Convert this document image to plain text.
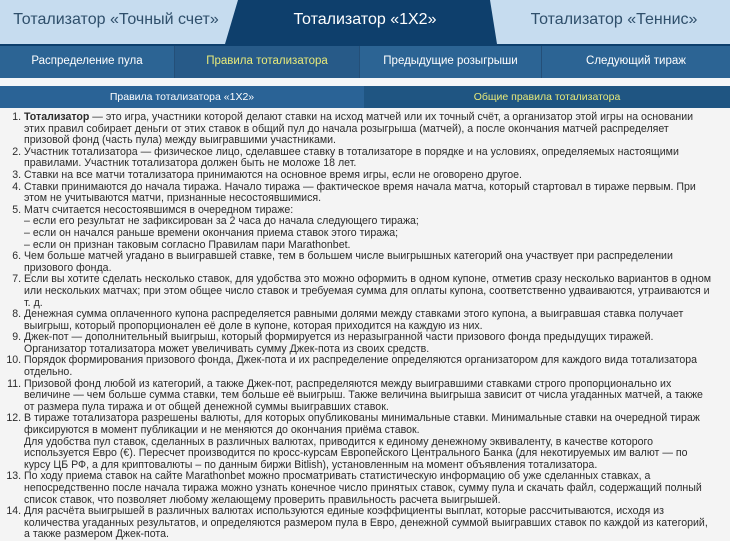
Тотализатор «Точный счет»	Тотализатор «1X2»	Тотализатор «Теннис»
Распределение пула	Правила тотализатора	Предыдущие розыгрыши	Следующий тираж
Правила тотализатора «1X2»	Общие правила тотализатора
1. Тотализатор — это игра, участники которой делают ставки на исход матчей или их точный счёт, а организатор этой игры на основании этих правил собирает деньги от этих ставок в общий пул до начала розыгрыша (матчей), а после окончания матчей распределяет призовой фонд (часть пула) между выигравшими участниками.
2. Участник тотализатора — физическое лицо, сделавшее ставку в тотализаторе в порядке и на условиях, определяемых настоящими правилами. Участник тотализатора должен быть не моложе 18 лет.
3. Ставки на все матчи тотализатора принимаются на основное время игры, если не оговорено другое.
4. Ставки принимаются до начала тиража. Начало тиража — фактическое время начала матча, который стартовал в тираже первым. При этом не учитываются матчи, признанные несостоявшимися.
5. Матч считается несостоявшимся в очередном тираже:
– если его результат не зафиксирован за 2 часа до начала следующего тиража;
– если он начался раньше времени окончания приема ставок этого тиража;
– если он признан таковым согласно Правилам пари Marathonbet.
6. Чем больше матчей угадано в выигравшей ставке, тем в большем числе выигрышных категорий она участвует при распределении призового фонда.
7. Если вы хотите сделать несколько ставок, для удобства это можно оформить в одном купоне, отметив сразу несколько вариантов в одном или нескольких матчах; при этом общее число ставок и требуемая сумма для оплаты купона, соответственно удваиваются, утраиваются и т. д.
8. Денежная сумма оплаченного купона распределяется равными долями между ставками этого купона, а выигравшая ставка получает выигрыш, который пропорционален её доле в купоне, которая приходится на каждую из них.
9. Джек-пот — дополнительный выигрыш, который формируется из неразыгранной части призового фонда предыдущих тиражей. Организатор тотализатора может увеличивать сумму Джек-пота из своих средств.
10. Порядок формирования призового фонда, Джек-пота и их распределение определяются организатором для каждого вида тотализатора отдельно.
11. Призовой фонд любой из категорий, а также Джек-пот, распределяются между выигравшими ставками строго пропорционально их величине — чем больше сумма ставки, тем больше её выигрыш. Также величина выигрыша зависит от числа угаданных матчей, а также от размера пула тиража и от общей денежной суммы выигравших ставок.
12. В тираже тотализатора разрешены валюты, для которых опубликованы минимальные ставки. Минимальные ставки на очередной тираж фиксируются в момент публикации и не меняются до окончания приёма ставок.
Для удобства пул ставок, сделанных в различных валютах, приводится к единому денежному эквиваленту, в качестве которого используется Евро (€). Пересчет производится по кросс-курсам Европейского Центрального Банка (для некотируемых им валют — по курсу ЦБ РФ, а для криптовалюты – по данным биржи Bitlish), установленным на момент объявления тотализатора.
13. По ходу приема ставок на сайте Marathonbet можно просматривать статистическую информацию об уже сделанных ставках, а непосредственно после начала тиража можно узнать конечное число принятых ставок, сумму пула и скачать файл, содержащий полный список ставок, что позволяет любому желающему проверить правильность расчета выигрышей.
14. Для расчёта выигрышей в различных валютах используются единые коэффициенты выплат, которые рассчитываются, исходя из количества угаданных результатов, и определяются размером пула в Евро, денежной суммой выигравших ставок по каждой из категорий, а также размером Джек-пота.
